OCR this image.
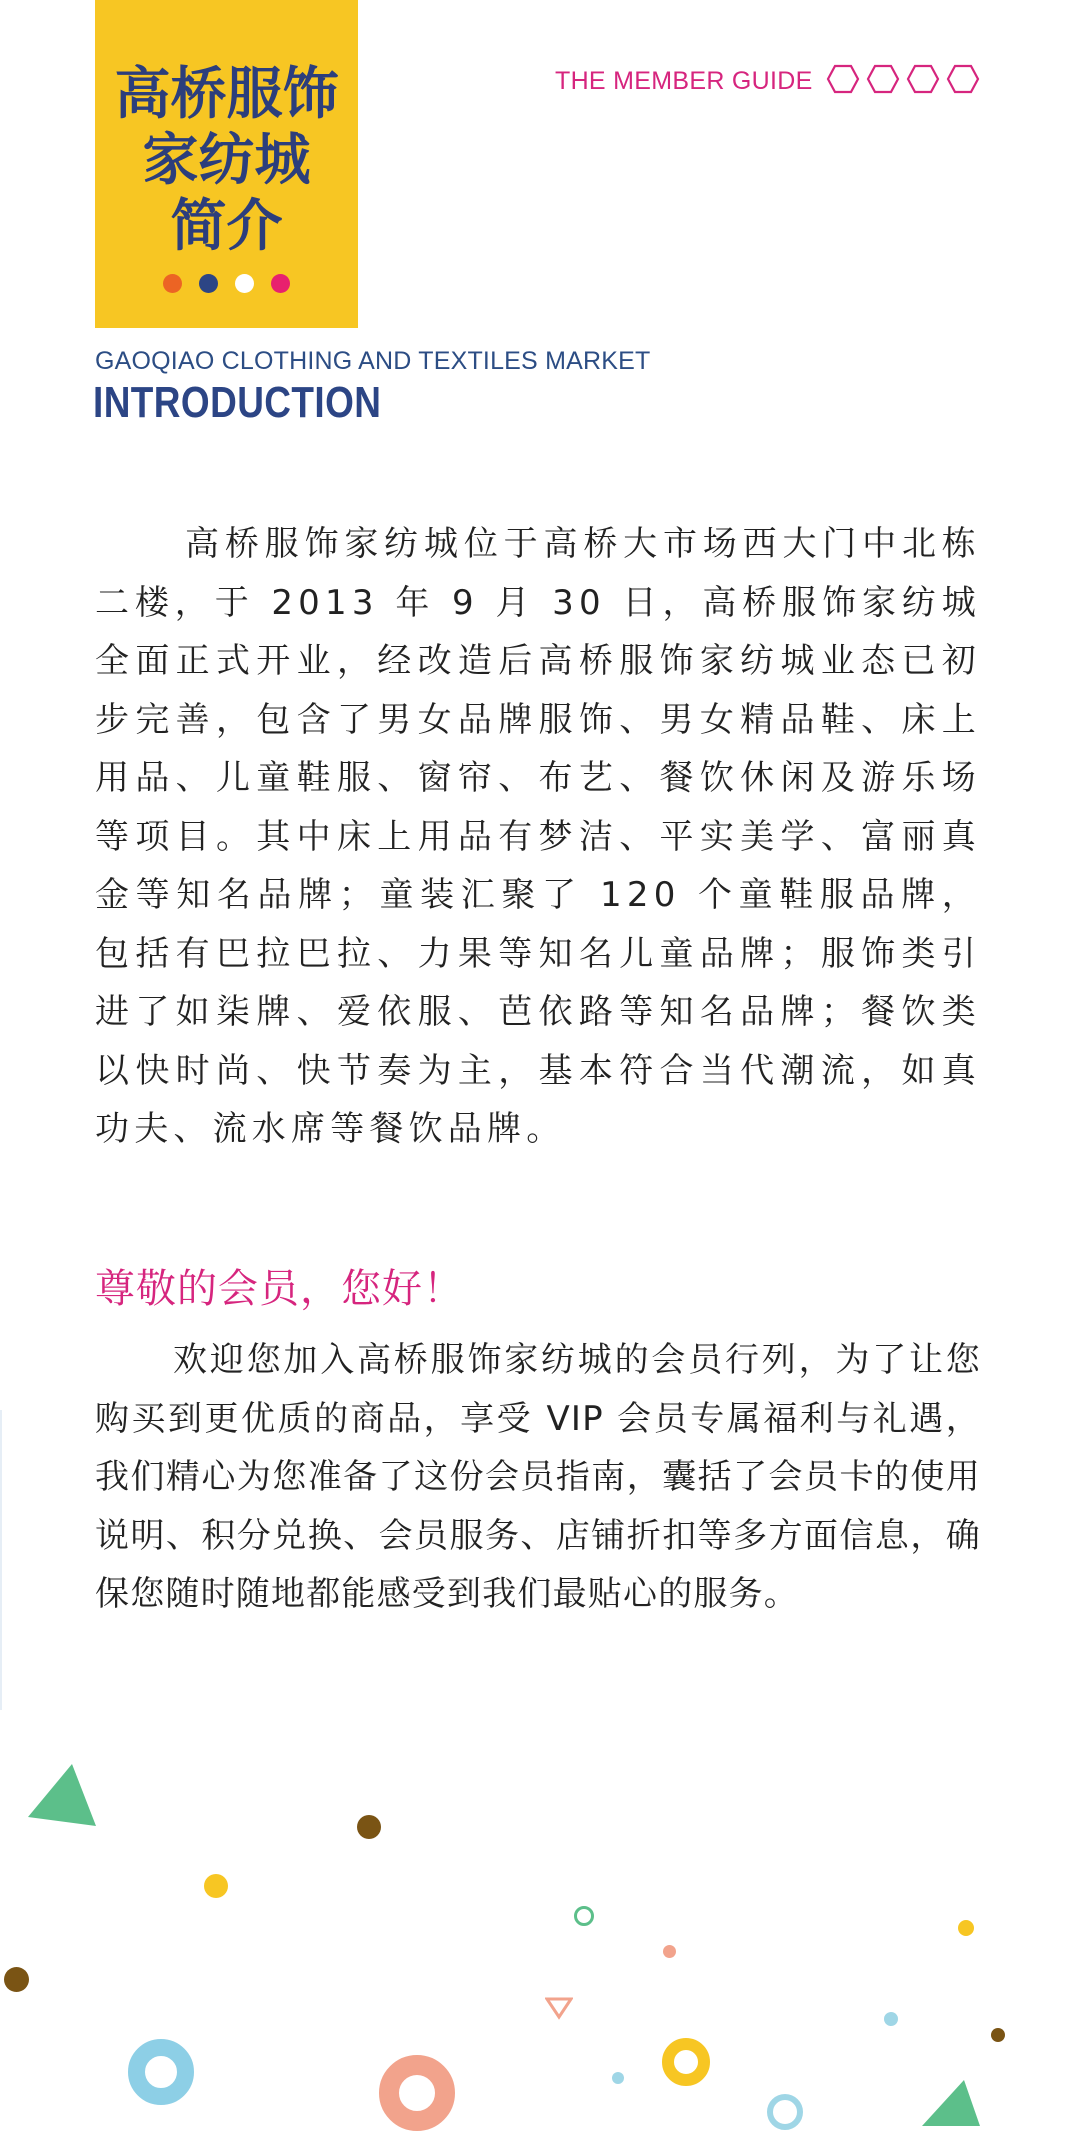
高桥服饰
家纺城
简介
THE MEMBER GUIDE
GAOQIAO CLOTHING AND TEXTILES MARKET
INTRODUCTION

高桥服饰家纺城位于高桥大市场西大门中北栋二楼，于 2013 年 9 月 30 日，高桥服饰家纺城全面正式开业，经改造后高桥服饰家纺城业态已初步完善，包含了男女品牌服饰、男女精品鞋、床上用品、儿童鞋服、窗帘、布艺、餐饮休闲及游乐场等项目。其中床上用品有梦洁、平实美学、富丽真金等知名品牌；童装汇聚了 120 个童鞋服品牌，包括有巴拉巴拉、力果等知名儿童品牌；服饰类引进了如柒牌、爱依服、芭依路等知名品牌；餐饮类以快时尚、快节奏为主，基本符合当代潮流，如真功夫、流水席等餐饮品牌。

尊敬的会员，您好！

欢迎您加入高桥服饰家纺城的会员行列，为了让您购买到更优质的商品，享受 VIP 会员专属福利与礼遇，我们精心为您准备了这份会员指南，囊括了会员卡的使用说明、积分兑换、会员服务、店铺折扣等多方面信息，确保您随时随地都能感受到我们最贴心的服务。
